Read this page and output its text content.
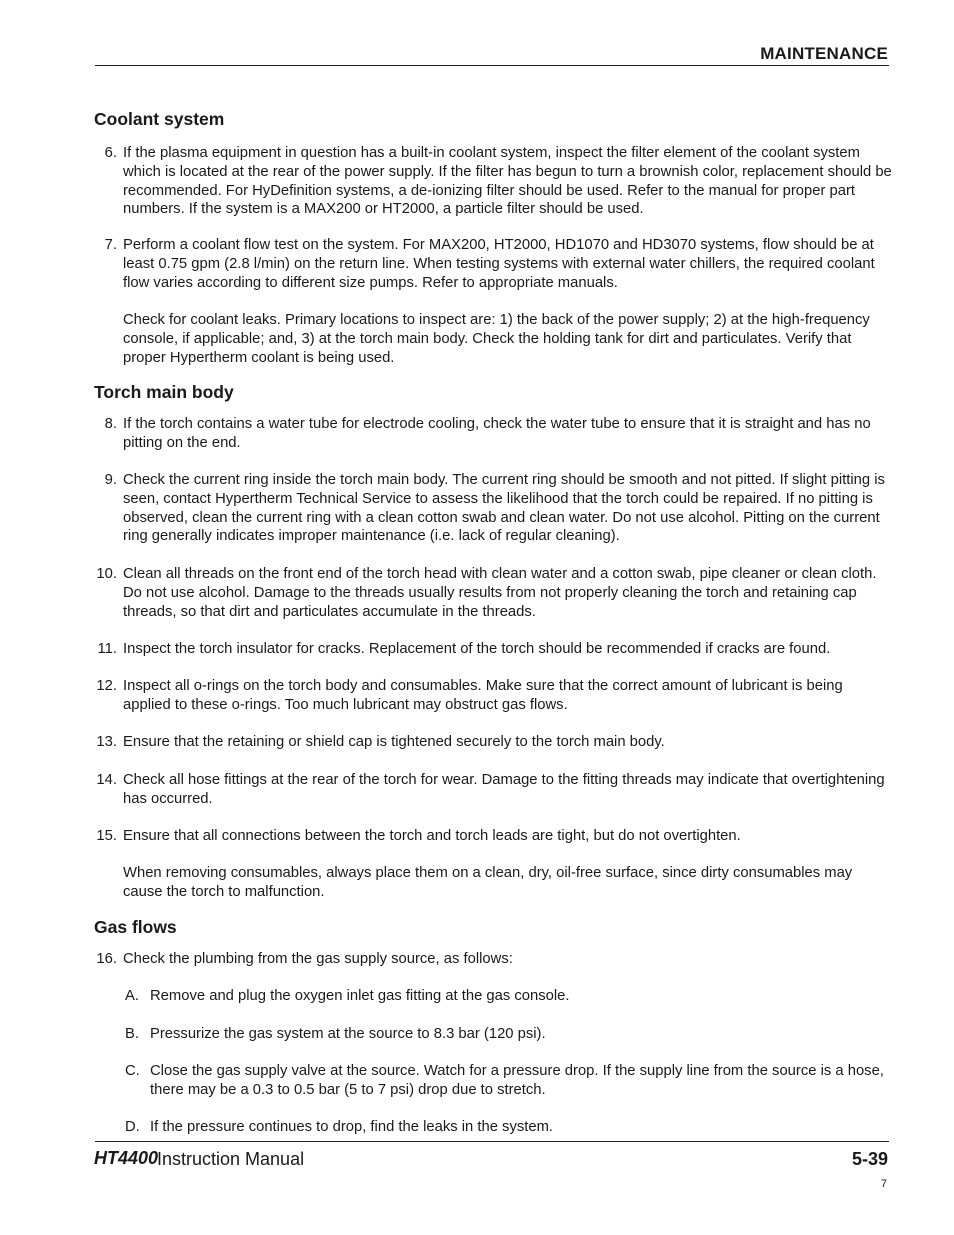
MAINTENANCE
Coolant system
6. If the plasma equipment in question has a built-in coolant system, inspect the filter element of the coolant system which is located at the rear of the power supply. If the filter has begun to turn a brownish color, replacement should be recommended. For HyDefinition systems, a de-ionizing filter should be used. Refer to the manual for proper part numbers. If the system is a MAX200 or HT2000, a particle filter should be used.
7. Perform a coolant flow test on the system. For MAX200, HT2000, HD1070 and HD3070 systems, flow should be at least 0.75 gpm (2.8 l/min) on the return line. When testing systems with external water chillers, the required coolant flow varies according to different size pumps. Refer to appropriate manuals.
Check for coolant leaks. Primary locations to inspect are: 1) the back of the power supply; 2) at the high-frequency console, if applicable; and, 3) at the torch main body. Check the holding tank for dirt and particulates. Verify that proper Hypertherm coolant is being used.
Torch main body
8. If the torch contains a water tube for electrode cooling, check the water tube to ensure that it is straight and has no pitting on the end.
9. Check the current ring inside the torch main body. The current ring should be smooth and not pitted. If slight pitting is seen, contact Hypertherm Technical Service to assess the likelihood that the torch could be repaired. If no pitting is observed, clean the current ring with a clean cotton swab and clean water. Do not use alcohol. Pitting on the current ring generally indicates improper maintenance (i.e. lack of regular cleaning).
10. Clean all threads on the front end of the torch head with clean water and a cotton swab, pipe cleaner or clean cloth. Do not use alcohol. Damage to the threads usually results from not properly cleaning the torch and retaining cap threads, so that dirt and particulates accumulate in the threads.
11. Inspect the torch insulator for cracks. Replacement of the torch should be recommended if cracks are found.
12. Inspect all o-rings on the torch body and consumables. Make sure that the correct amount of lubricant is being applied to these o-rings. Too much lubricant may obstruct gas flows.
13. Ensure that the retaining or shield cap is tightened securely to the torch main body.
14. Check all hose fittings at the rear of the torch for wear. Damage to the fitting threads may indicate that overtightening has occurred.
15. Ensure that all connections between the torch and torch leads are tight, but do not overtighten.
When removing consumables, always place them on a clean, dry, oil-free surface, since dirty consumables may cause the torch to malfunction.
Gas flows
16. Check the plumbing from the gas supply source, as follows:
A. Remove and plug the oxygen inlet gas fitting at the gas console.
B. Pressurize the gas system at the source to 8.3 bar (120 psi).
C. Close the gas supply valve at the source. Watch for a pressure drop. If the supply line from the source is a hose, there may be a 0.3 to 0.5 bar (5 to 7 psi) drop due to stretch.
D. If the pressure continues to drop, find the leaks in the system.
HT4400
Instruction Manual	5-39
7
